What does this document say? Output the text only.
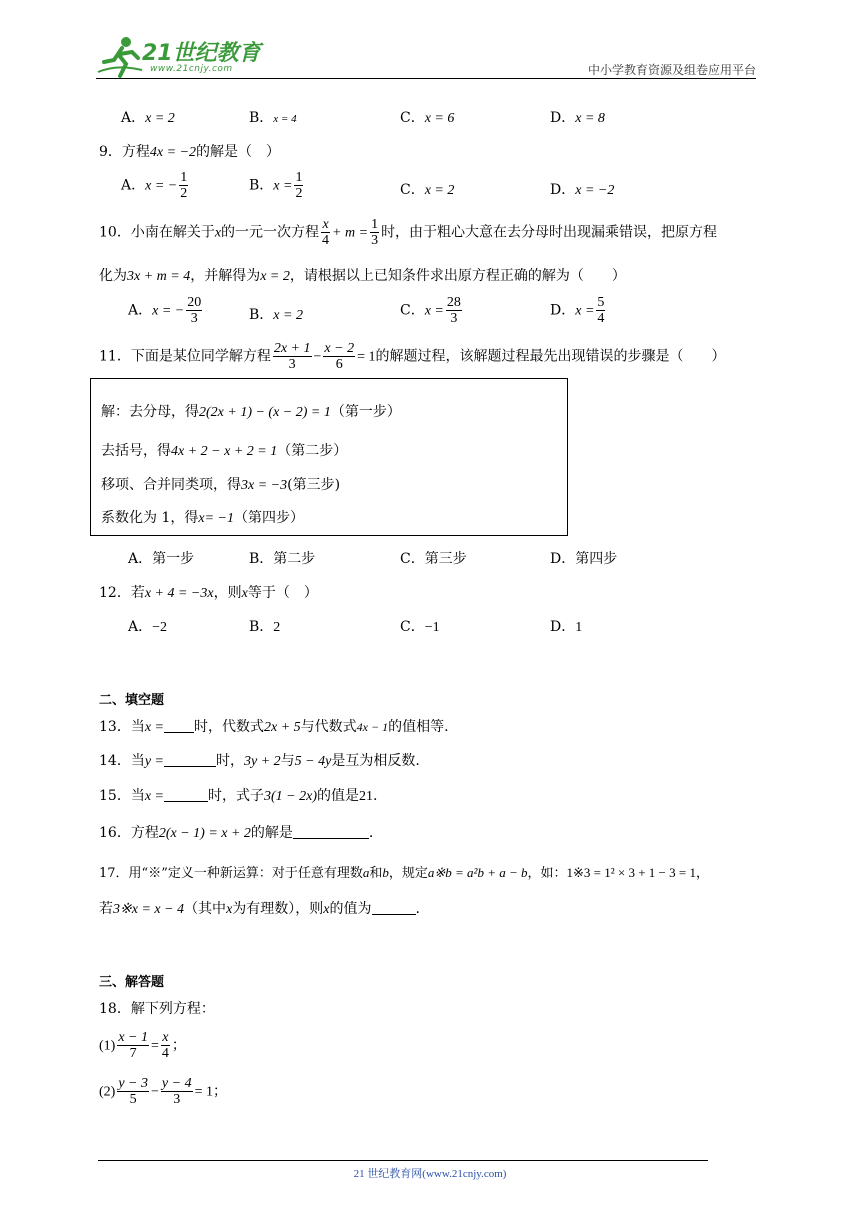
21世纪教育
www.21cnjy.com	中小学教育资源及组卷应用平台
A．x = 2	B．x = 4	C．x = 6	D．x = 8
9．方程4x = −2的解是（　）
A．x = − $\frac{1}{2}$	B．$x = \frac{1}{2}$	C．x = 2	D．x = −2
10．小南在解关于x的一元一次方程 $\frac{x}{4} + m = \frac{1}{3}$ 时，由于粗心大意在去分母时出现漏乘错误，把原方程
化为3x + m = 4，并解得为x = 2，请根据以上已知条件求出原方程正确的解为（　　）
A．x = − $\frac{20}{3}$	B．x = 2	C．$x = \frac{28}{3}$	D．$x = \frac{5}{4}$
11．下面是某位同学解方程 $\frac{2x + 1}{3} - \frac{x - 2}{6} = 1$的解题过程，该解题过程最先出现错误的步骤是（　　）
解：去分母，得2(2x + 1) − (x − 2) = 1（第一步）
去括号，得4x + 2 − x + 2 = 1（第二步）
移项、合并同类项，得3x = −3(第三步)
系数化为 1，得x= −1（第四步）
A．第一步	B．第二步	C．第三步	D．第四步
12．若x + 4 = −3x，则x等于（　）
A．−2	B．2	C．−1	D．1
二、填空题
13．当x = 时，代数式2x + 5与代数式4x − 1的值相等.
14．当y =	时，3y + 2与5 − 4y是互为相反数.
15．当x =	时，式子3(1 − 2x)的值是21.
16．方程2(x − 1) = x + 2的解是	.
17．用“※”定义一种新运算：对于任意有理数a和b，规定a※b = a²b + a − b，如：1※3 = 1² × 3 + 1 − 3 = 1，
若3※x = x − 4（其中x为有理数），则x的值为	.
三、解答题
18．解下列方程：
$(1) \frac{x - 1}{7} = \frac{x}{4}$ ；
$(2) \frac{y - 3}{5} - \frac{y - 4}{3} = 1$；
21 世纪教育网(www.21cnjy.com)
